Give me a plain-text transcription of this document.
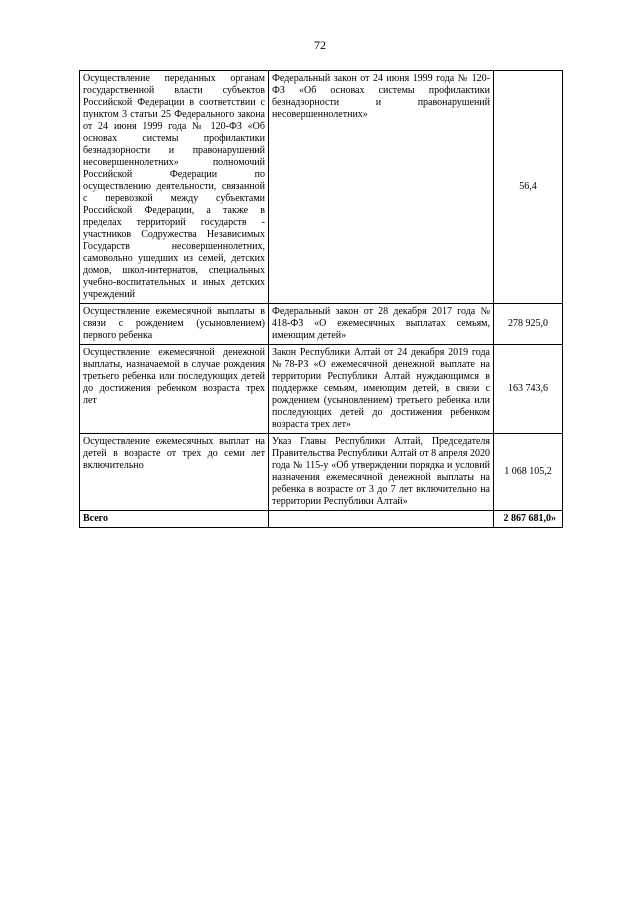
72
Осуществление переданных органам государственной власти субъектов Российской Федерации в соответствии с пунктом 3 статьи 25 Федерального закона от 24 июня 1999 года № 120-ФЗ «Об основах системы профилактики безнадзорности и правонарушений несовершеннолетних» полномочий Российской Федерации по осуществлению деятельности, связанной с перевозкой между субъектами Российской Федерации, а также в пределах территорий государств - участников Содружества Независимых Государств несовершеннолетних, самовольно ушедших из семей, детских домов, школ-интернатов, специальных учебно-воспитательных и иных детских учреждений	Федеральный закон от 24 июня 1999 года № 120-ФЗ «Об основах системы профилактики безнадзорности и правонарушений несовершеннолетних»	56,4
Осуществление ежемесячной выплаты в связи с рождением (усыновлением) первого ребенка	Федеральный закон от 28 декабря 2017 года № 418-ФЗ «О ежемесячных выплатах семьям, имеющим детей»	278 925,0
Осуществление ежемесячной денежной выплаты, назначаемой в случае рождения третьего ребенка или последующих детей до достижения ребенком возраста трех лет	Закон Республики Алтай от 24 декабря 2019 года №78-РЗ «О ежемесячной денежной выплате на территории Республики Алтай нуждающимся в поддержке семьям, имеющим детей, в связи с рождением (усыновлением) третьего ребенка или последующих детей до достижения ребенком возраста трех лет»	163 743,6
Осуществление ежемесячных выплат на детей в возрасте от трех до семи лет включительно	Указ Главы Республики Алтай, Председателя Правительства Республики Алтай от 8 апреля 2020 года № 115-у «Об утверждении порядка и условий назначения ежемесячной денежной выплаты на ребенка в возрасте от 3 до 7 лет включительно на территории Республики Алтай»	1 068 105,2
Всего		2 867 681,0»
